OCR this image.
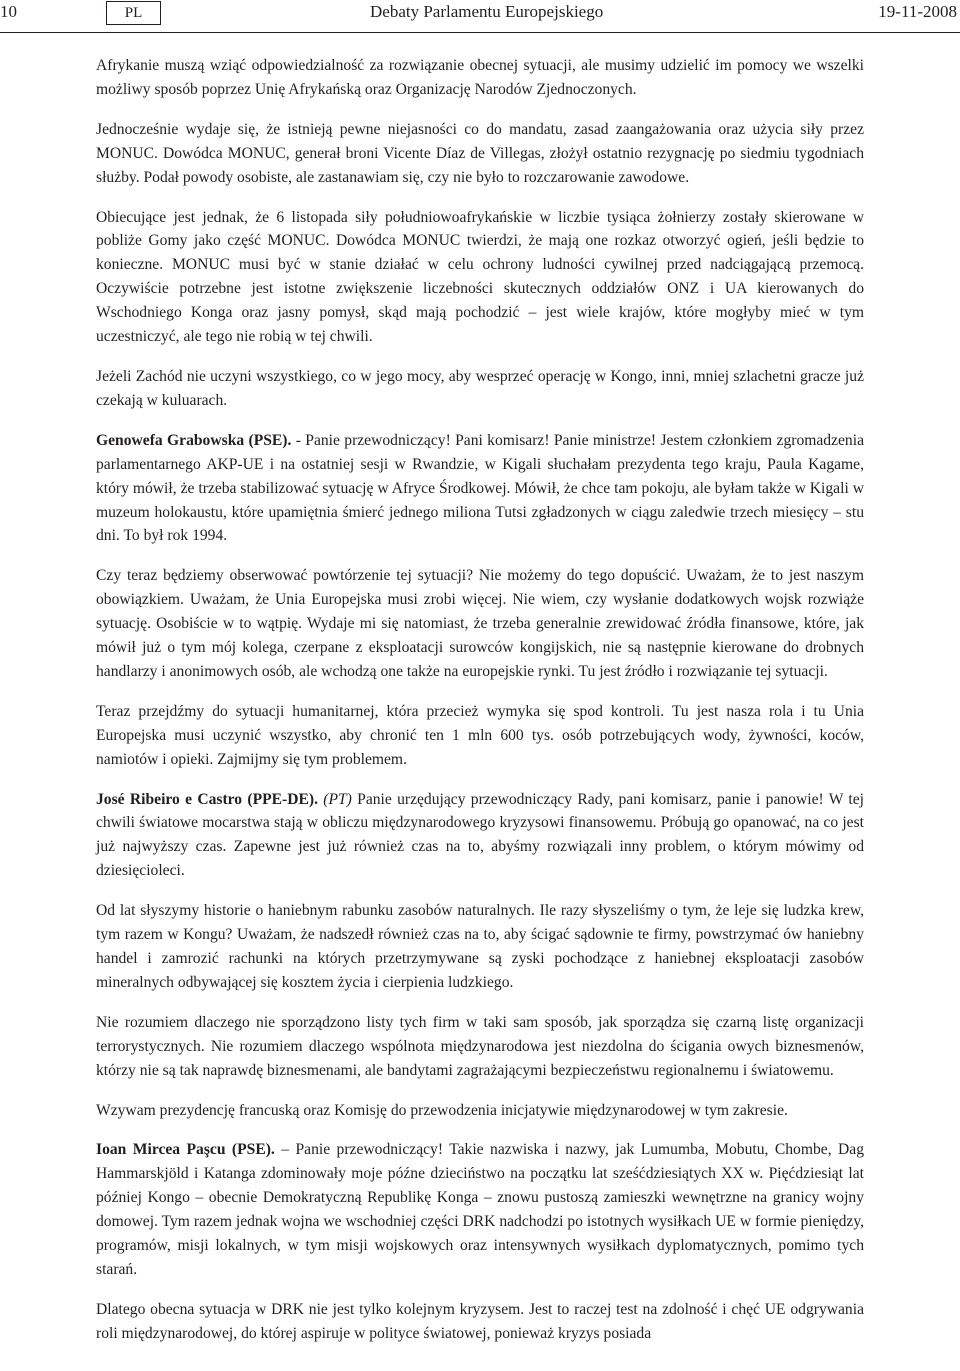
10	PL	Debaty Parlamentu Europejskiego	19-11-2008

Afrykanie muszą wziąć odpowiedzialność za rozwiązanie obecnej sytuacji, ale musimy udzielić im pomocy we wszelki możliwy sposób poprzez Unię Afrykańską oraz Organizację Narodów Zjednoczonych.

Jednocześnie wydaje się, że istnieją pewne niejasności co do mandatu, zasad zaangażowania oraz użycia siły przez MONUC. Dowódca MONUC, generał broni Vicente Díaz de Villegas, złożył ostatnio rezygnację po siedmiu tygodniach służby. Podał powody osobiste, ale zastanawiam się, czy nie było to rozczarowanie zawodowe.

Obiecujące jest jednak, że 6 listopada siły południowoafrykańskie w liczbie tysiąca żołnierzy zostały skierowane w pobliże Gomy jako część MONUC. Dowódca MONUC twierdzi, że mają one rozkaz otworzyć ogień, jeśli będzie to konieczne. MONUC musi być w stanie działać w celu ochrony ludności cywilnej przed nadciągającą przemocą. Oczywiście potrzebne jest istotne zwiększenie liczebności skutecznych oddziałów ONZ i UA kierowanych do Wschodniego Konga oraz jasny pomysł, skąd mają pochodzić – jest wiele krajów, które mogłyby mieć w tym uczestniczyć, ale tego nie robią w tej chwili.

Jeżeli Zachód nie uczyni wszystkiego, co w jego mocy, aby wesprzeć operację w Kongo, inni, mniej szlachetni gracze już czekają w kuluarach.

Genowefa Grabowska (PSE). - Panie przewodniczący! Pani komisarz! Panie ministrze! Jestem członkiem zgromadzenia parlamentarnego AKP-UE i na ostatniej sesji w Rwandzie, w Kigali słuchałam prezydenta tego kraju, Paula Kagame, który mówił, że trzeba stabilizować sytuację w Afryce Środkowej. Mówił, że chce tam pokoju, ale byłam także w Kigali w muzeum holokaustu, które upamiętnia śmierć jednego miliona Tutsi zgładzonych w ciągu zaledwie trzech miesięcy – stu dni. To był rok 1994.

Czy teraz będziemy obserwować powtórzenie tej sytuacji? Nie możemy do tego dopuścić. Uważam, że to jest naszym obowiązkiem. Uważam, że Unia Europejska musi zrobi więcej. Nie wiem, czy wysłanie dodatkowych wojsk rozwiąże sytuację. Osobiście w to wątpię. Wydaje mi się natomiast, że trzeba generalnie zrewidować źródła finansowe, które, jak mówił już o tym mój kolega, czerpane z eksploatacji surowców kongijskich, nie są następnie kierowane do drobnych handlarzy i anonimowych osób, ale wchodzą one także na europejskie rynki. Tu jest źródło i rozwiązanie tej sytuacji.

Teraz przejdźmy do sytuacji humanitarnej, która przecież wymyka się spod kontroli. Tu jest nasza rola i tu Unia Europejska musi uczynić wszystko, aby chronić ten 1 mln 600 tys. osób potrzebujących wody, żywności, koców, namiotów i opieki. Zajmijmy się tym problemem.

José Ribeiro e Castro (PPE-DE). (PT) Panie urzędujący przewodniczący Rady, pani komisarz, panie i panowie! W tej chwili światowe mocarstwa stają w obliczu międzynarodowego kryzysowi finansowemu. Próbują go opanować, na co jest już najwyższy czas. Zapewne jest już również czas na to, abyśmy rozwiązali inny problem, o którym mówimy od dziesięcioleci.

Od lat słyszymy historie o haniebnym rabunku zasobów naturalnych. Ile razy słyszeliśmy o tym, że leje się ludzka krew, tym razem w Kongu? Uważam, że nadszedł również czas na to, aby ścigać sądownie te firmy, powstrzymać ów haniebny handel i zamrozić rachunki na których przetrzymywane są zyski pochodzące z haniebnej eksploatacji zasobów mineralnych odbywającej się kosztem życia i cierpienia ludzkiego.

Nie rozumiem dlaczego nie sporządzono listy tych firm w taki sam sposób, jak sporządza się czarną listę organizacji terrorystycznych. Nie rozumiem dlaczego wspólnota międzynarodowa jest niezdolna do ścigania owych biznesmenów, którzy nie są tak naprawdę biznesmenami, ale bandytami zagrażającymi bezpieczeństwu regionalnemu i światowemu.

Wzywam prezydencję francuską oraz Komisję do przewodzenia inicjatywie międzynarodowej w tym zakresie.

Ioan Mircea Paşcu (PSE). – Panie przewodniczący! Takie nazwiska i nazwy, jak Lumumba, Mobutu, Chombe, Dag Hammarskjöld i Katanga zdominowały moje późne dzieciństwo na początku lat sześćdziesiątych XX w. Pięćdziesiąt lat później Kongo – obecnie Demokratyczną Republikę Konga – znowu pustoszą zamieszki wewnętrzne na granicy wojny domowej. Tym razem jednak wojna we wschodniej części DRK nadchodzi po istotnych wysiłkach UE w formie pieniędzy, programów, misji lokalnych, w tym misji wojskowych oraz intensywnych wysiłkach dyplomatycznych, pomimo tych starań.

Dlatego obecna sytuacja w DRK nie jest tylko kolejnym kryzysem. Jest to raczej test na zdolność i chęć UE odgrywania roli międzynarodowej, do której aspiruje w polityce światowej, ponieważ kryzys posiada
